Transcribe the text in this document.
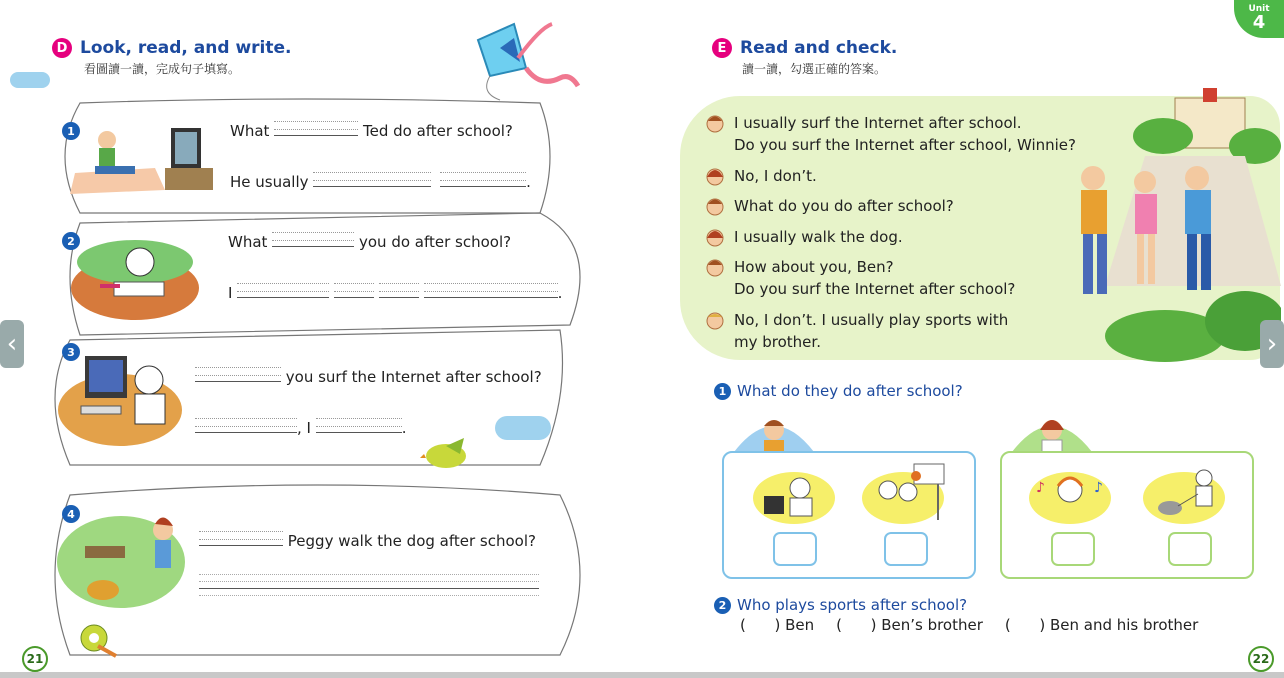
D Look, read, and write.
看圖讀一讀，完成句子填寫。
1	What	Ted do after school?
He usually	.
2	What	you do after school?
I	.
3
you surf the Internet after school?
, I	.
4
Peggy walk the dog after school?
21
Unit
4
E Read and check.
讀一讀，勾選正確的答案。
I usually surf the Internet after school.
Do you surf the Internet after school, Winnie?
No, I don’t.
What do you do after school?
I usually walk the dog.
How about you, Ben?
Do you surf the Internet after school?
No, I don’t. I usually play sports with
my brother.
1 What do they do after school?
♪	♪
2 Who plays sports after school?
(      ) Ben (      ) Ben’s brother (      ) Ben and his brother
22
‹	›
